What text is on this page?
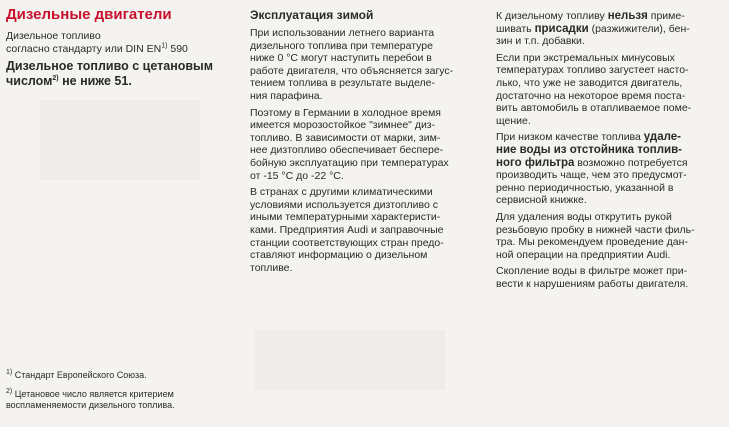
Дизельные двигатели
Дизельное топливо
согласно стандарту или DIN EN$^{1)}$ 590
Дизельное топливо с цетановым
числом$^{2)}$ не ниже 51.
Эксплуатация зимой
При использовании летнего варианта
дизельного топлива при температуре
ниже 0 °С могут наступить перебои в
работе двигателя, что объясняется загус-
тением топлива в результате выделе-
ния парафина.
Поэтому в Германии в холодное время
имеется морозостойкое "зимнее" диз-
топливо. В зависимости от марки, зим-
нее дизтопливо обеспечивает беспере-
бойную эксплуатацию при температурах
от -15 °С до -22 °С.
В странах с другими климатическими
условиями используется дизтопливо с
иными температурными характеристи-
ками. Предприятия Audi и заправочные
станции соответствующих стран предо-
ставляют информацию о дизельном
топливе.
К дизельному топливу нельзя приме-
шивать присадки (разжижители), бен-
зин и т.п. добавки.
Если при экстремальных минусовых
температурах топливо загустеет насто-
лько, что уже не заводится двигатель,
достаточно на некоторое время поста-
вить автомобиль в отапливаемое поме-
щение.
При низком качестве топлива удале-
ние воды из отстойника топлив-
ного фильтра возможно потребуется
производить чаще, чем это предусмот-
ренно периодичностью, указанной в
сервисной книжке.
Для удаления воды открутить рукой
резьбовую пробку в нижней части филь-
тра. Мы рекомендуем проведение дан-
ной операции на предприятии Audi.
Скопление воды в фильтре может при-
вести к нарушениям работы двигателя.
$^{1)}$ Стандарт Европейского Союза.
$^{2)}$ Цетановое число является критерием
воспламеняемости дизельного топлива.
